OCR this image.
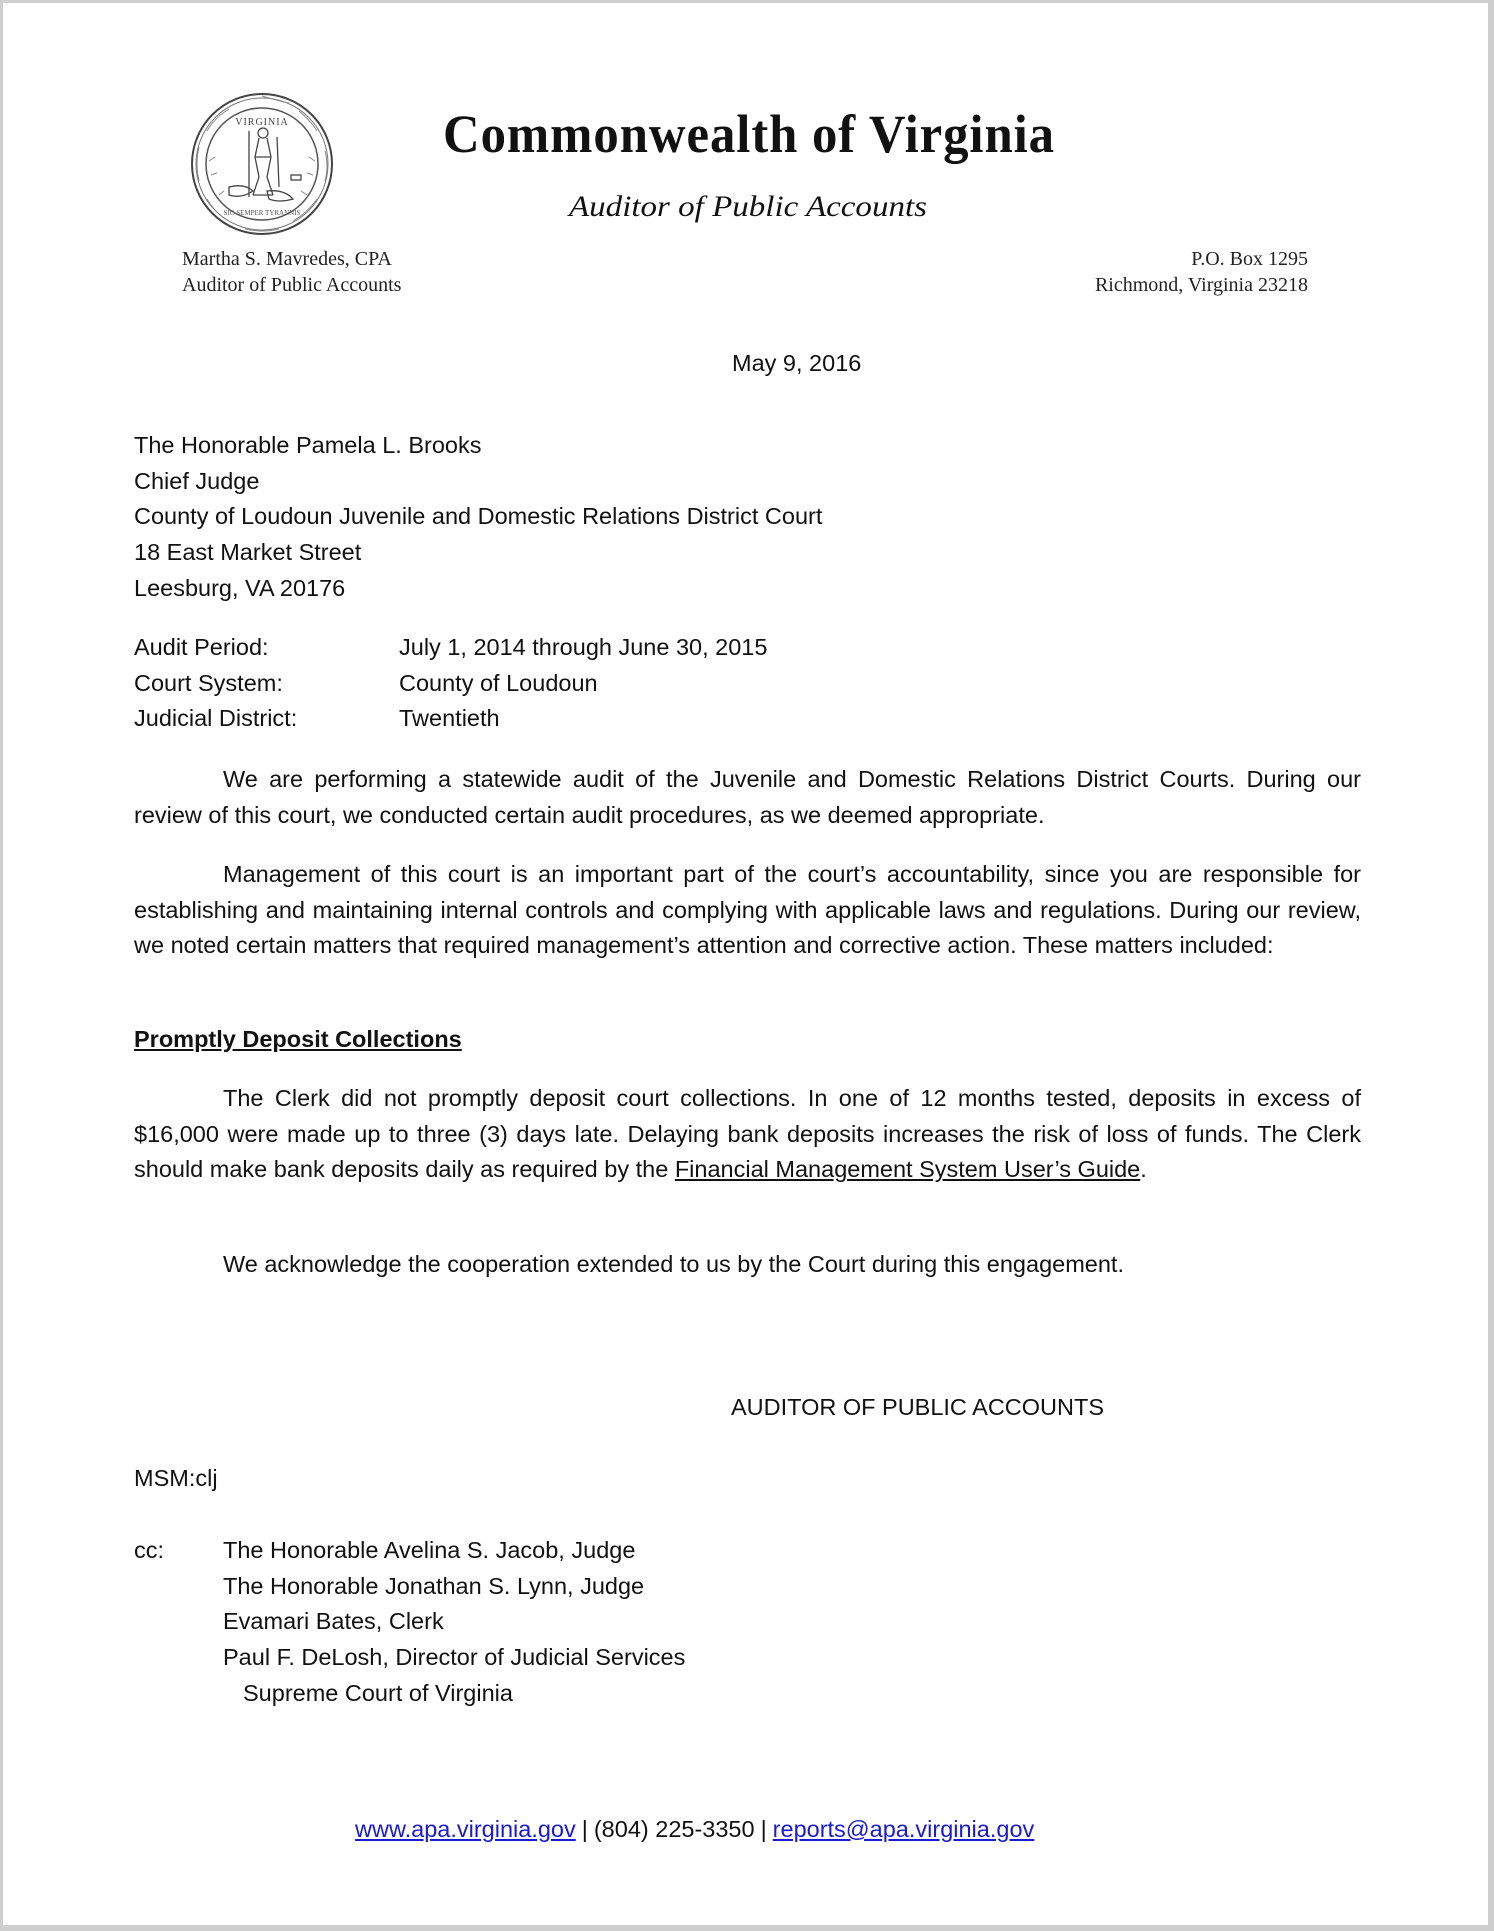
VIRGINIA
SIC SEMPER TYRANNIS
Commonwealth of Virginia
Auditor of Public Accounts
Martha S. Mavredes, CPA
Auditor of Public Accounts
P.O. Box 1295
Richmond, Virginia 23218
May 9, 2016
The Honorable Pamela L. Brooks
Chief Judge
County of Loudoun Juvenile and Domestic Relations District Court
18 East Market Street
Leesburg, VA 20176
Audit Period:	July 1, 2014 through June 30, 2015
Court System:	County of Loudoun
Judicial District:	Twentieth

We are performing a statewide audit of the Juvenile and Domestic Relations District Courts. During our review of this court, we conducted certain audit procedures, as we deemed appropriate.

Management of this court is an important part of the court’s accountability, since you are responsible for establishing and maintaining internal controls and complying with applicable laws and regulations. During our review, we noted certain matters that required management’s attention and corrective action. These matters included:

Promptly Deposit Collections

The Clerk did not promptly deposit court collections. In one of 12 months tested, deposits in excess of $16,000 were made up to three (3) days late. Delaying bank deposits increases the risk of loss of funds. The Clerk should make bank deposits daily as required by the Financial Management System User’s Guide.

We acknowledge the cooperation extended to us by the Court during this engagement.

AUDITOR OF PUBLIC ACCOUNTS
MSM:clj
cc:	The Honorable Avelina S. Jacob, Judge
The Honorable Jonathan S. Lynn, Judge
Evamari Bates, Clerk
Paul F. DeLosh, Director of Judicial Services
Supreme Court of Virginia
www.apa.virginia.gov | (804) 225-3350 | reports@apa.virginia.gov
